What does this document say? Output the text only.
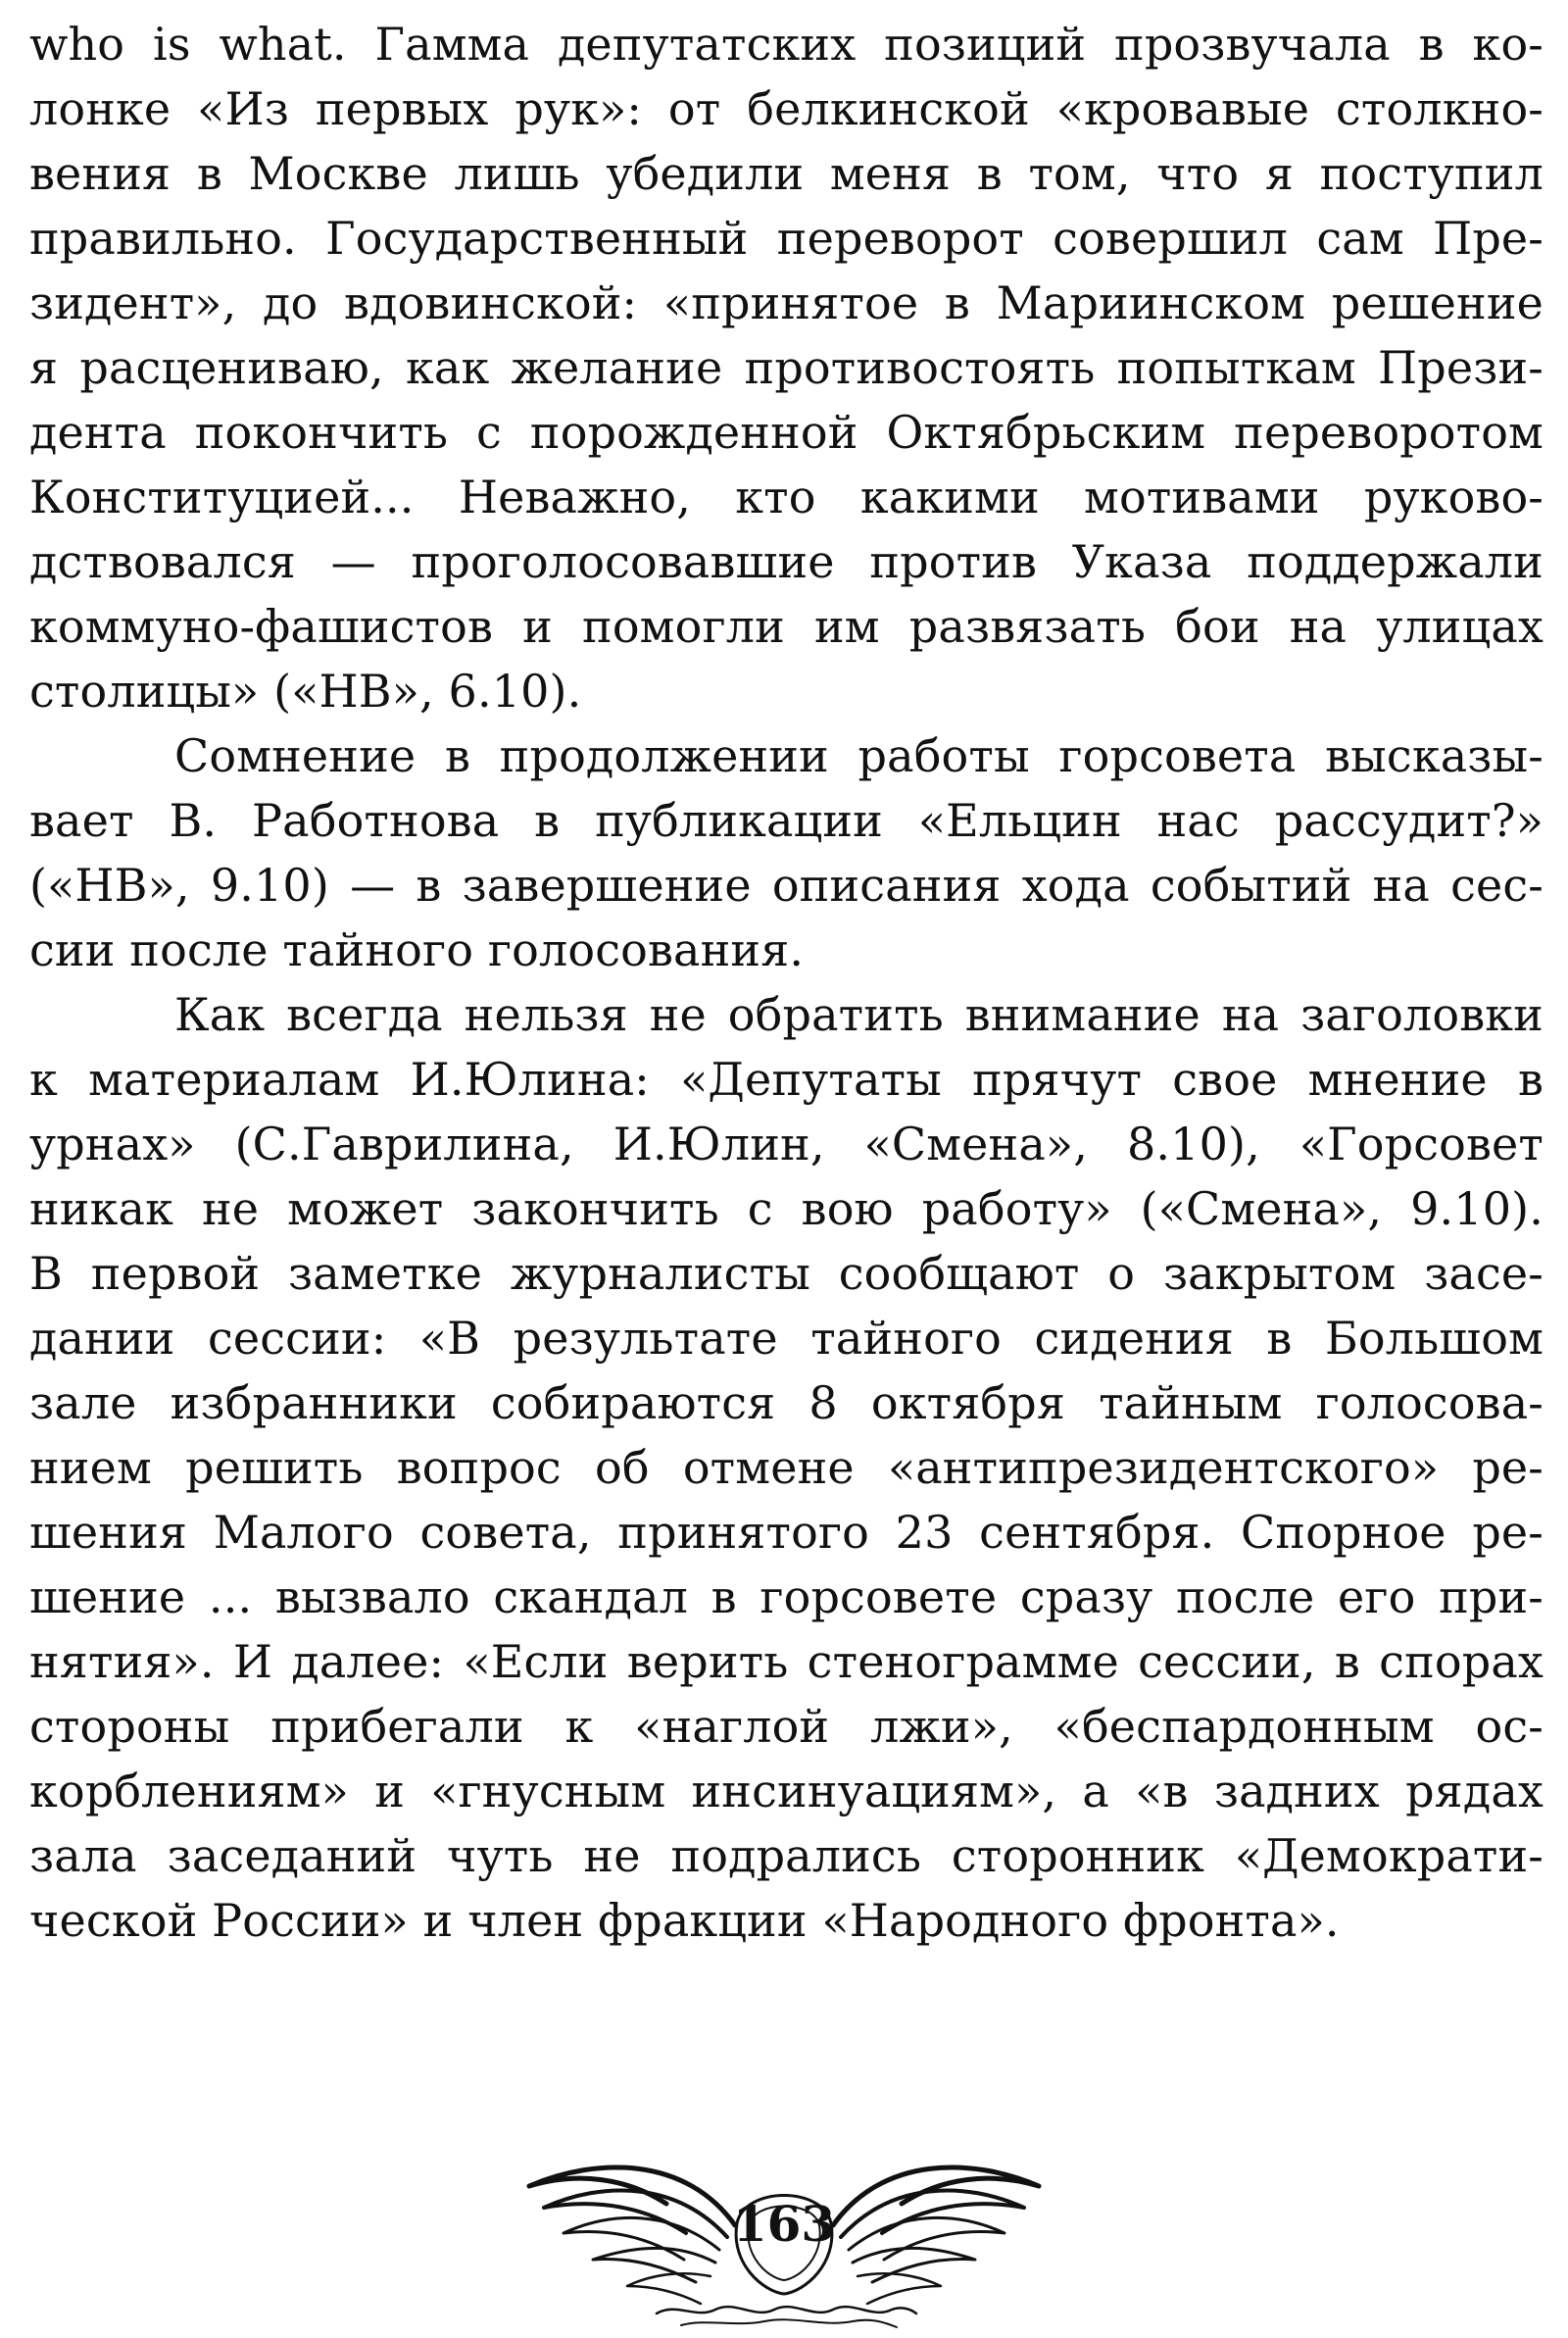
who is what. Гамма депутатских позиций прозвучала в ко-
лонке «Из первых рук»: от белкинской «кровавые столкно-
вения в Москве лишь убедили меня в том, что я поступил
правильно. Государственный переворот совершил сам Пре-
зидент», до вдовинской: «принятое в Мариинском решение
я расцениваю, как желание противостоять попыткам Прези-
дента покончить с порожденной Октябрьским переворотом
Конституцией... Неважно, кто какими мотивами руково-
дствовался — проголосовавшие против Указа поддержали
коммуно-фашистов и помогли им развязать бои на улицах
столицы» («НВ», 6.10).
Сомнение в продолжении работы горсовета высказы-
вает В. Работнова в публикации «Ельцин нас рассудит?»
(«НВ», 9.10) — в завершение описания хода событий на сес-
сии после тайного голосования.
Как всегда нельзя не обратить внимание на заголовки
к материалам И.Юлина: «Депутаты прячут свое мнение в
урнах» (С.Гаврилина, И.Юлин, «Смена», 8.10), «Горсовет
никак не может закончить с вою работу» («Смена», 9.10).
В первой заметке журналисты сообщают о закрытом засе-
дании сессии: «В результате тайного сидения в Большом
зале избранники собираются 8 октября тайным голосова-
нием решить вопрос об отмене «антипрезидентского» ре-
шения Малого совета, принятого 23 сентября. Спорное ре-
шение ... вызвало скандал в горсовете сразу после его при-
нятия». И далее: «Если верить стенограмме сессии, в спорах
стороны прибегали к «наглой лжи», «беспардонным ос-
корблениям» и «гнусным инсинуациям», а «в задних рядах
зала заседаний чуть не подрались сторонник «Демократи-
ческой России» и член фракции «Народного фронта».
163
